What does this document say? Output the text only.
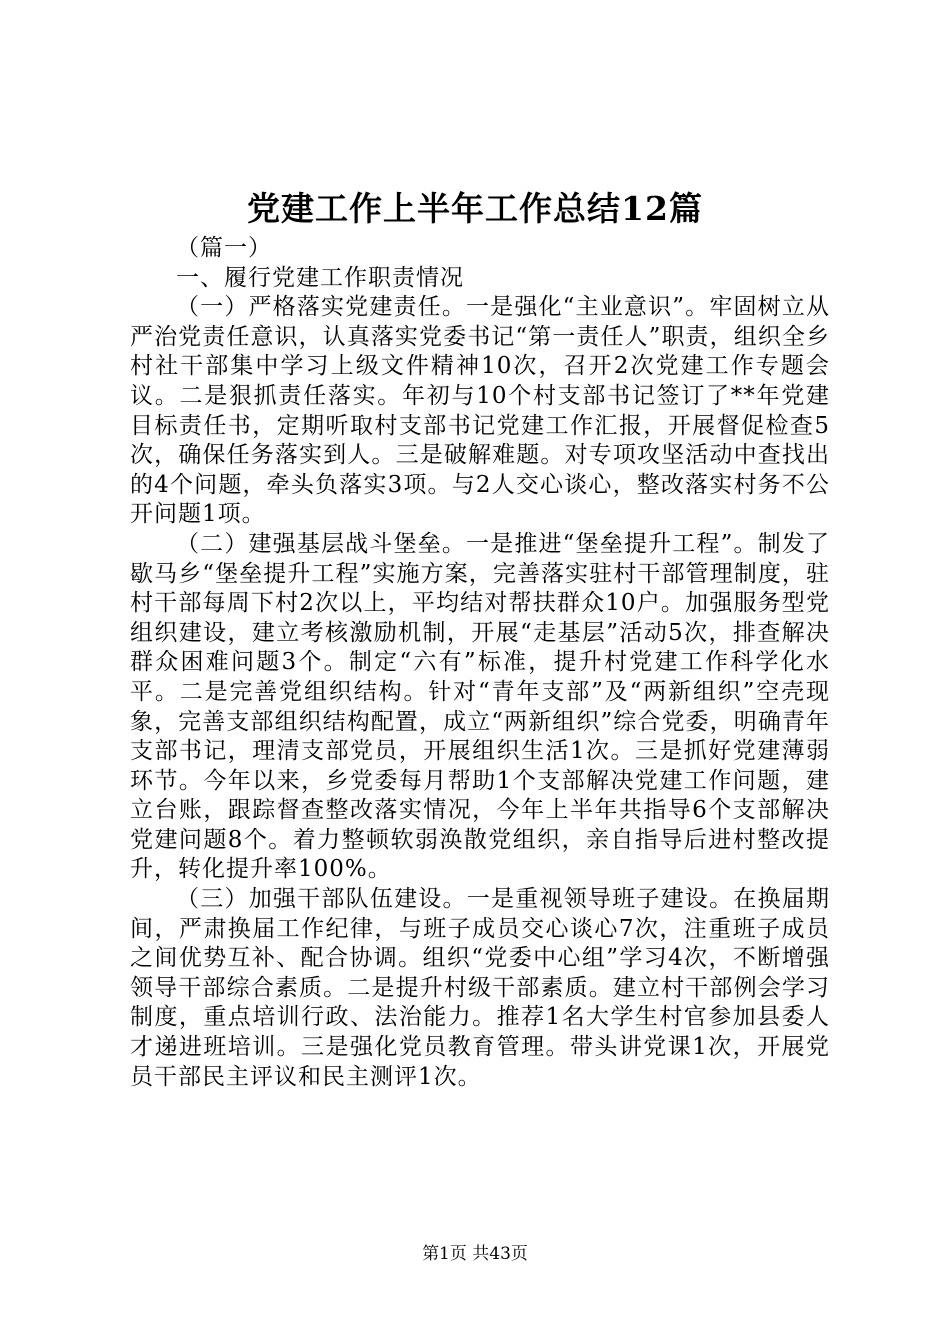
党建工作上半年工作总结12篇

（篇一）

一、履行党建工作职责情况

（一）严格落实党建责任。一是强化“主业意识”。牢固树立从严治党责任意识，认真落实党委书记“第一责任人”职责，组织全乡村社干部集中学习上级文件精神10次，召开2次党建工作专题会议。二是狠抓责任落实。年初与10个村支部书记签订了**年党建目标责任书，定期听取村支部书记党建工作汇报，开展督促检查5次，确保任务落实到人。三是破解难题。对专项攻坚活动中查找出的4个问题，牵头负落实3项。与2人交心谈心，整改落实村务不公开问题1项。

（二）建强基层战斗堡垒。一是推进“堡垒提升工程”。制发了歇马乡“堡垒提升工程”实施方案，完善落实驻村干部管理制度，驻村干部每周下村2次以上，平均结对帮扶群众10户。加强服务型党组织建设，建立考核激励机制，开展“走基层”活动5次，排查解决群众困难问题3个。制定“六有”标准，提升村党建工作科学化水平。二是完善党组织结构。针对“青年支部”及“两新组织”空壳现象，完善支部组织结构配置，成立“两新组织”综合党委，明确青年支部书记，理清支部党员，开展组织生活1次。三是抓好党建薄弱环节。今年以来，乡党委每月帮助1个支部解决党建工作问题，建立台账，跟踪督查整改落实情况，今年上半年共指导6个支部解决党建问题8个。着力整顿软弱涣散党组织，亲自指导后进村整改提升，转化提升率100%。

（三）加强干部队伍建设。一是重视领导班子建设。在换届期间，严肃换届工作纪律，与班子成员交心谈心7次，注重班子成员之间优势互补、配合协调。组织“党委中心组”学习4次，不断增强领导干部综合素质。二是提升村级干部素质。建立村干部例会学习制度，重点培训行政、法治能力。推荐1名大学生村官参加县委人才递进班培训。三是强化党员教育管理。带头讲党课1次，开展党员干部民主评议和民主测评1次。

第1页 共43页
